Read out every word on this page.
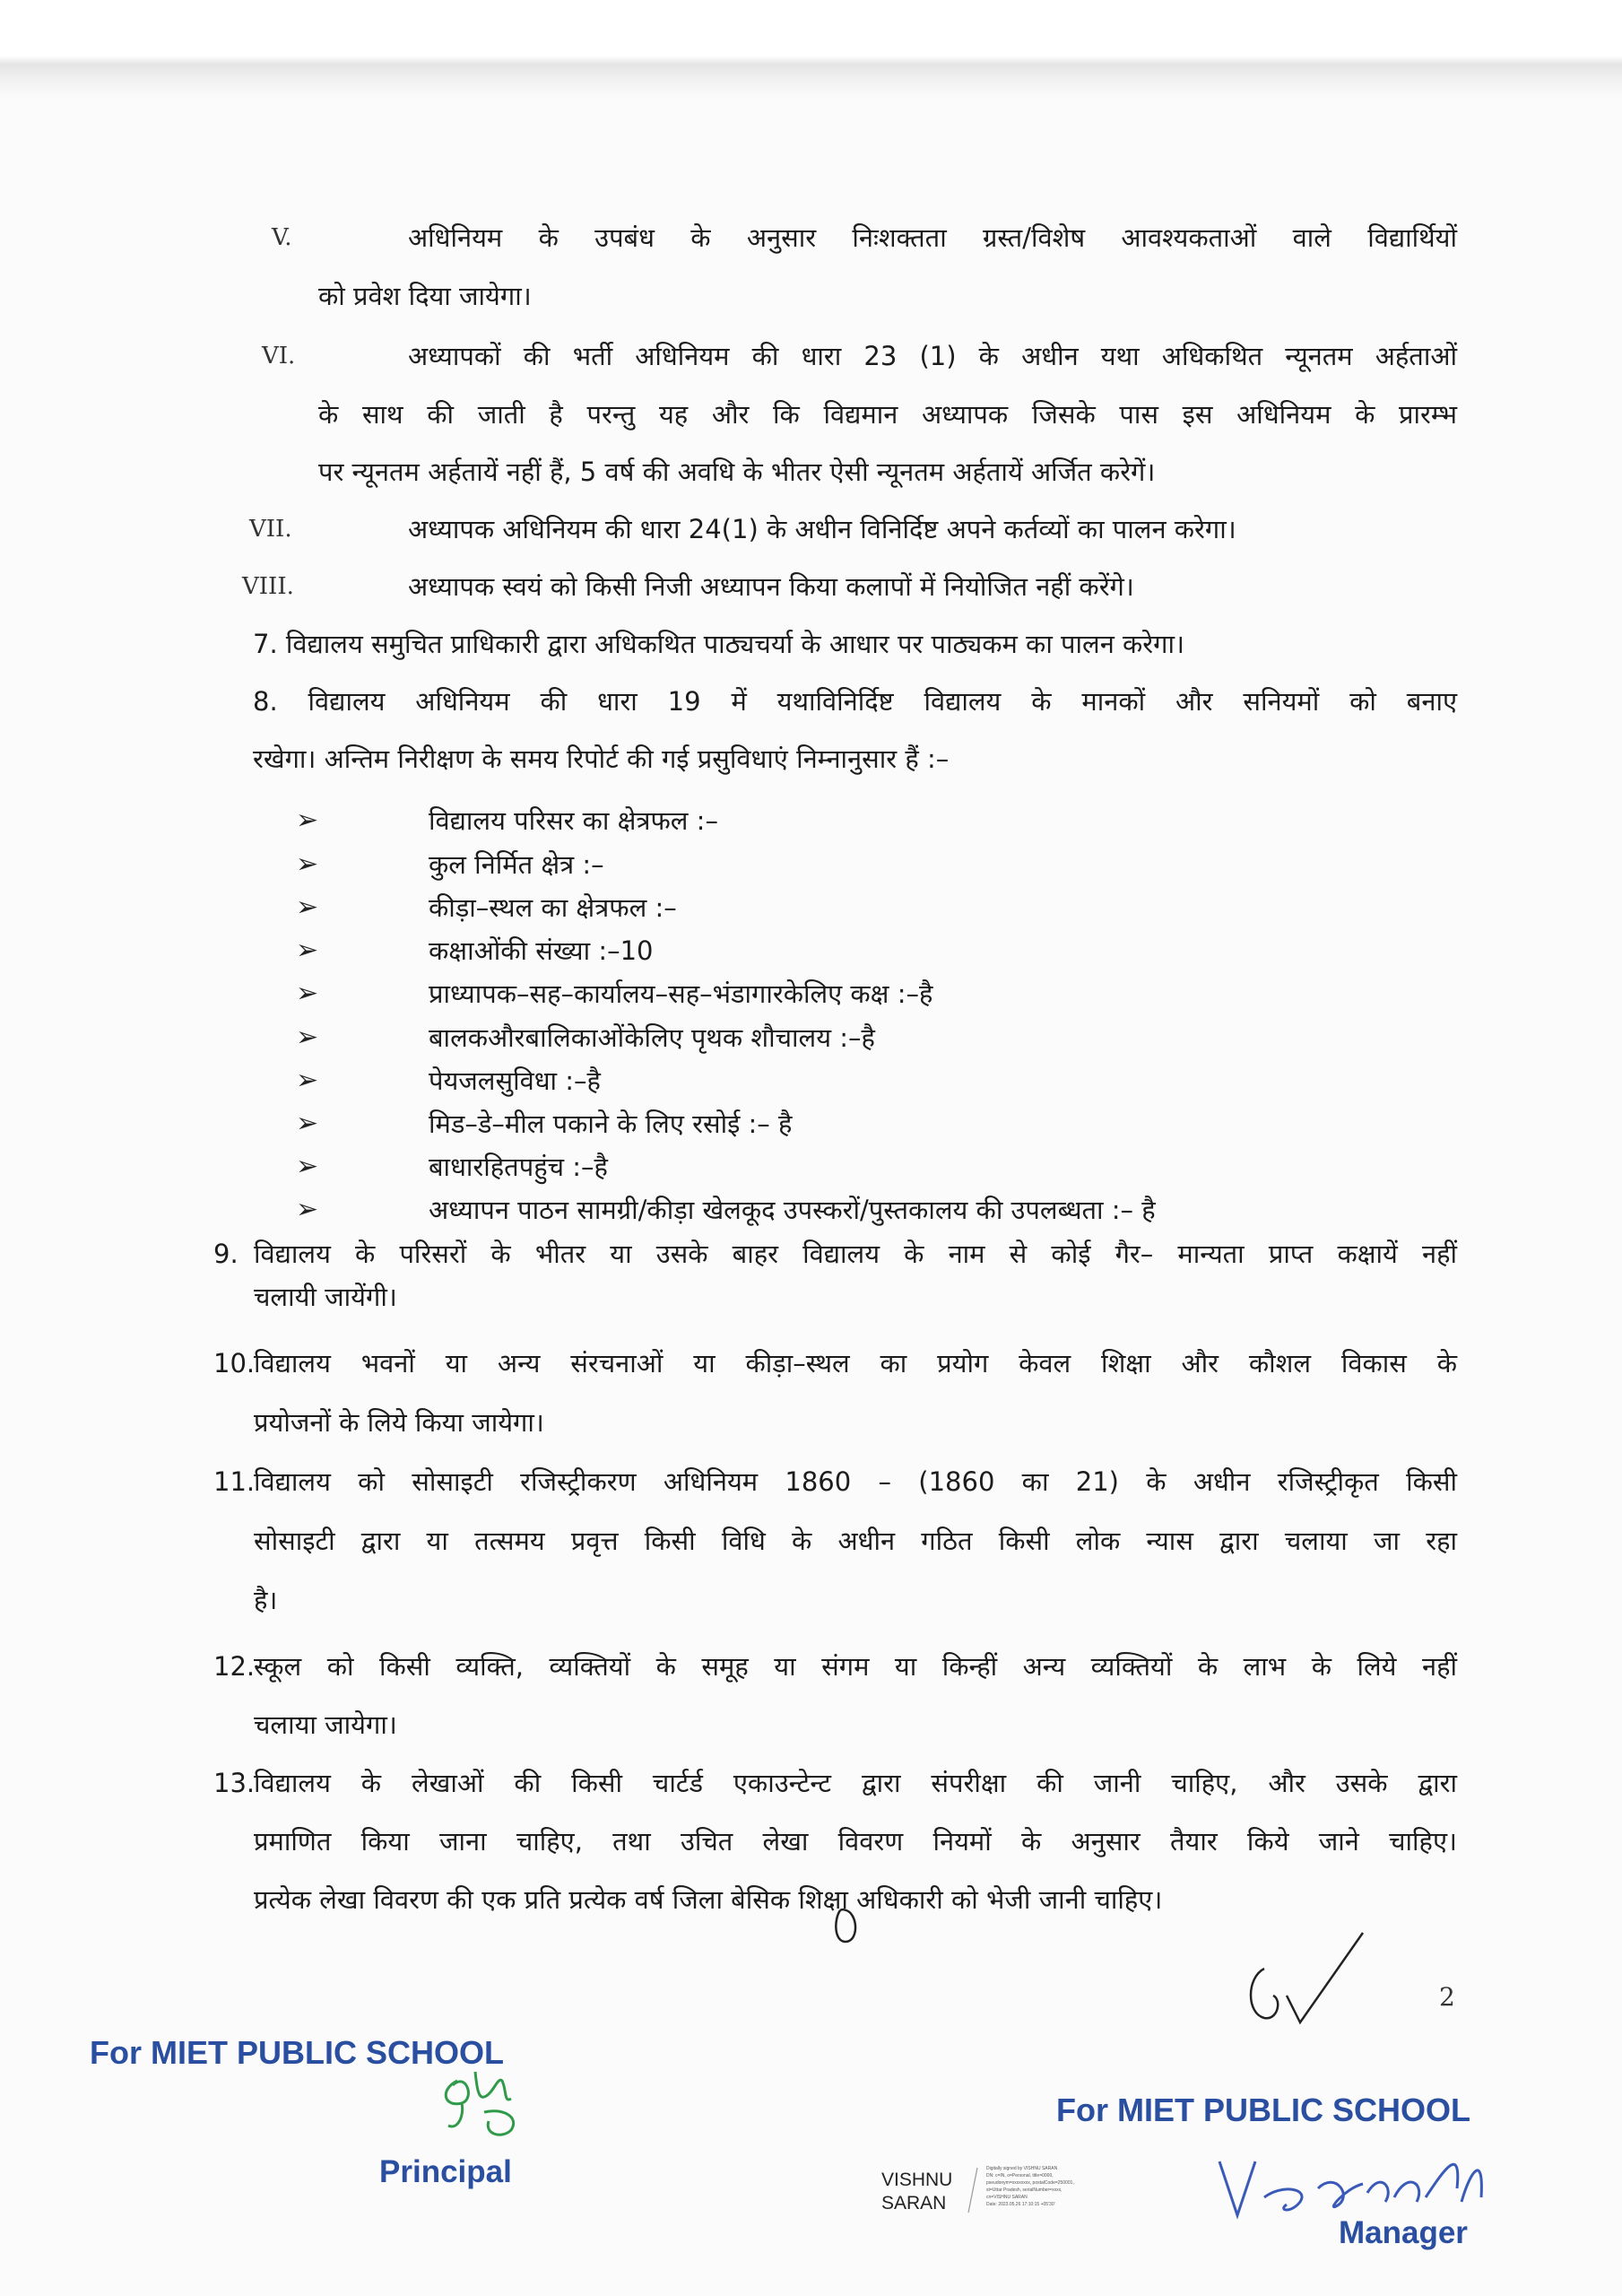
V.	अधिनियम के उपबंध के अनुसार निःशक्तता ग्रस्त/विशेष आवश्यकताओं वाले विद्यार्थियों
को प्रवेश दिया जायेगा।
VI.	अध्यापकों की भर्ती अधिनियम की धारा 23 (1) के अधीन यथा अधिकथित न्यूनतम अर्हताओं
के साथ की जाती है परन्तु यह और कि विद्यमान अध्यापक जिसके पास इस अधिनियम के प्रारम्भ
पर न्यूनतम अर्हतायें नहीं हैं, 5 वर्ष की अवधि के भीतर ऐसी न्यूनतम अर्हतायें अर्जित करेगें।
VII.	अध्यापक अधिनियम की धारा 24(1) के अधीन विनिर्दिष्ट अपने कर्तव्यों का पालन करेगा।
VIII.	अध्यापक स्वयं को किसी निजी अध्यापन किया कलापों में नियोजित नहीं करेंगे।
7. विद्यालय समुचित प्राधिकारी द्वारा अधिकथित पाठ्यचर्या के आधार पर पाठ्यकम का पालन करेगा।
8. विद्यालय अधिनियम की धारा 19 में यथाविनिर्दिष्ट विद्यालय के मानकों और सनियमों को बनाए
रखेगा। अन्तिम निरीक्षण के समय रिपोर्ट की गई प्रसुविधाएं निम्नानुसार हैं :–
➢	विद्यालय परिसर का क्षेत्रफल :–
➢	कुल निर्मित क्षेत्र :–
➢	कीड़ा–स्थल का क्षेत्रफल :–
➢	कक्षाओंकी संख्या :–10
➢	प्राध्यापक–सह–कार्यालय–सह–भंडागारकेलिए कक्ष :–है
➢	बालकऔरबालिकाओंकेलिए पृथक शौचालय :–है
➢	पेयजलसुविधा :–है
➢	मिड–डे–मील पकाने के लिए रसोई :– है
➢	बाधारहितपहुंच :–है
➢	अध्यापन पाठन सामग्री/कीड़ा खेलकूद उपस्करों/पुस्तकालय की उपलब्धता :– है
9. विद्यालय के परिसरों के भीतर या उसके बाहर विद्यालय के नाम से कोई गैर– मान्यता प्राप्त कक्षायें नहीं
चलायी जायेंगी।
10.
विद्यालय भवनों या अन्य संरचनाओं या कीड़ा–स्थल का प्रयोग केवल शिक्षा और कौशल विकास के
प्रयोजनों के लिये किया जायेगा।
11.
विद्यालय को सोसाइटी रजिस्ट्रीकरण अधिनियम 1860 – (1860 का 21) के अधीन रजिस्ट्रीकृत किसी
सोसाइटी द्वारा या तत्समय प्रवृत्त किसी विधि के अधीन गठित किसी लोक न्यास द्वारा चलाया जा रहा
है।
12.
स्कूल को किसी व्यक्ति, व्यक्तियों के समूह या संगम या किन्हीं अन्य व्यक्तियों के लाभ के लिये नहीं
चलाया जायेगा।
13.
विद्यालय के लेखाओं की किसी चार्टर्ड एकाउन्टेन्ट द्वारा संपरीक्षा की जानी चाहिए, और उसके द्वारा
प्रमाणित किया जाना चाहिए, तथा उचित लेखा विवरण नियमों के अनुसार तैयार किये जाने चाहिए।
प्रत्येक लेखा विवरण की एक प्रति प्रत्येक वर्ष जिला बेसिक शिक्षा अधिकारी को भेजी जानी चाहिए।
2
For MIET PUBLIC SCHOOL
Principal
For MIET PUBLIC SCHOOL
Manager
VISHNU
SARAN
Digitally signed by VISHNU SARAN
DN: c=IN, o=Personal, title=0000,
pseudonym=xxxxxxxx, postalCode=250001,
st=Uttar Pradesh, serialNumber=xxxx,
cn=VISHNU SARAN
Date: 2023.05.26 17:10:15 +05'30'
